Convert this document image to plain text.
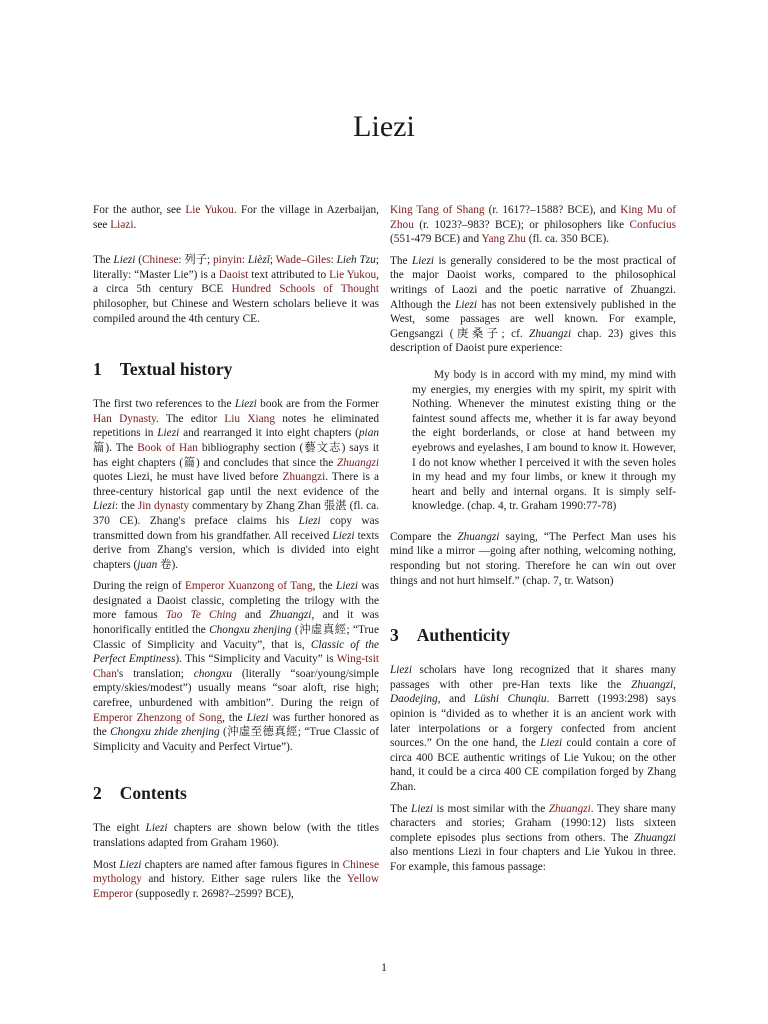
Liezi

For the author, see Lie Yukou. For the village in Azerbaijan, see Liəzi.

The Liezi (Chinese: 列子; pinyin: Lièzĭ; Wade–Giles: Lieh Tzu; literally: “Master Lie”) is a Daoist text attributed to Lie Yukou, a circa 5th century BCE Hundred Schools of Thought philosopher, but Chinese and Western scholars believe it was compiled around the 4th century CE.

1 Textual history

The first two references to the Liezi book are from the Former Han Dynasty. The editor Liu Xiang notes he eliminated repetitions in Liezi and rearranged it into eight chapters (pian 篇). The Book of Han bibliography section (藝文志) says it has eight chapters (篇) and concludes that since the Zhuangzi quotes Liezi, he must have lived before Zhuangzi. There is a three-century historical gap until the next evidence of the Liezi: the Jin dynasty commentary by Zhang Zhan 張湛 (fl. ca. 370 CE). Zhang's preface claims his Liezi copy was transmitted down from his grandfather. All received Liezi texts derive from Zhang's version, which is divided into eight chapters (juan 卷).

During the reign of Emperor Xuanzong of Tang, the Liezi was designated a Daoist classic, completing the trilogy with the more famous Tao Te Ching and Zhuangzi, and it was honorifically entitled the Chongxu zhenjing (沖虛真經; “True Classic of Simplicity and Vacuity”, that is, Classic of the Perfect Emptiness). This “Simplicity and Vacuity” is Wing-tsit Chan's translation; chongxu (literally “soar/young/simple empty/skies/modest”) usually means “soar aloft, rise high; carefree, unburdened with ambition”. During the reign of Emperor Zhenzong of Song, the Liezi was further honored as the Chongxu zhide zhenjing (沖虛至德真經; “True Classic of Simplicity and Vacuity and Perfect Virtue”).

2 Contents

The eight Liezi chapters are shown below (with the titles translations adapted from Graham 1960).

Most Liezi chapters are named after famous figures in Chinese mythology and history. Either sage rulers like the Yellow Emperor (supposedly r. 2698?–2599? BCE),

King Tang of Shang (r. 1617?–1588? BCE), and King Mu of Zhou (r. 1023?–983? BCE); or philosophers like Confucius (551-479 BCE) and Yang Zhu (fl. ca. 350 BCE).

The Liezi is generally considered to be the most practical of the major Daoist works, compared to the philosophical writings of Laozi and the poetic narrative of Zhuangzi. Although the Liezi has not been extensively published in the West, some passages are well known. For example, Gengsangzi (庚桑子; cf. Zhuangzi chap. 23) gives this description of Daoist pure experience:

My body is in accord with my mind, my mind with my energies, my energies with my spirit, my spirit with Nothing. Whenever the minutest existing thing or the faintest sound affects me, whether it is far away beyond the eight borderlands, or close at hand between my eyebrows and eyelashes, I am bound to know it. However, I do not know whether I perceived it with the seven holes in my head and my four limbs, or knew it through my heart and belly and internal organs. It is simply self-knowledge. (chap. 4, tr. Graham 1990:77-78)

Compare the Zhuangzi saying, “The Perfect Man uses his mind like a mirror —going after nothing, welcoming nothing, responding but not storing. Therefore he can win out over things and not hurt himself.” (chap. 7, tr. Watson)

3 Authenticity

Liezi scholars have long recognized that it shares many passages with other pre-Han texts like the Zhuangzi, Daodejing, and Lüshi Chunqiu. Barrett (1993:298) says opinion is “divided as to whether it is an ancient work with later interpolations or a forgery confected from ancient sources.” On the one hand, the Liezi could contain a core of circa 400 BCE authentic writings of Lie Yukou; on the other hand, it could be a circa 400 CE compilation forged by Zhang Zhan.

The Liezi is most similar with the Zhuangzi. They share many characters and stories; Graham (1990:12) lists sixteen complete episodes plus sections from others. The Zhuangzi also mentions Liezi in four chapters and Lie Yukou in three. For example, this famous passage:

1
